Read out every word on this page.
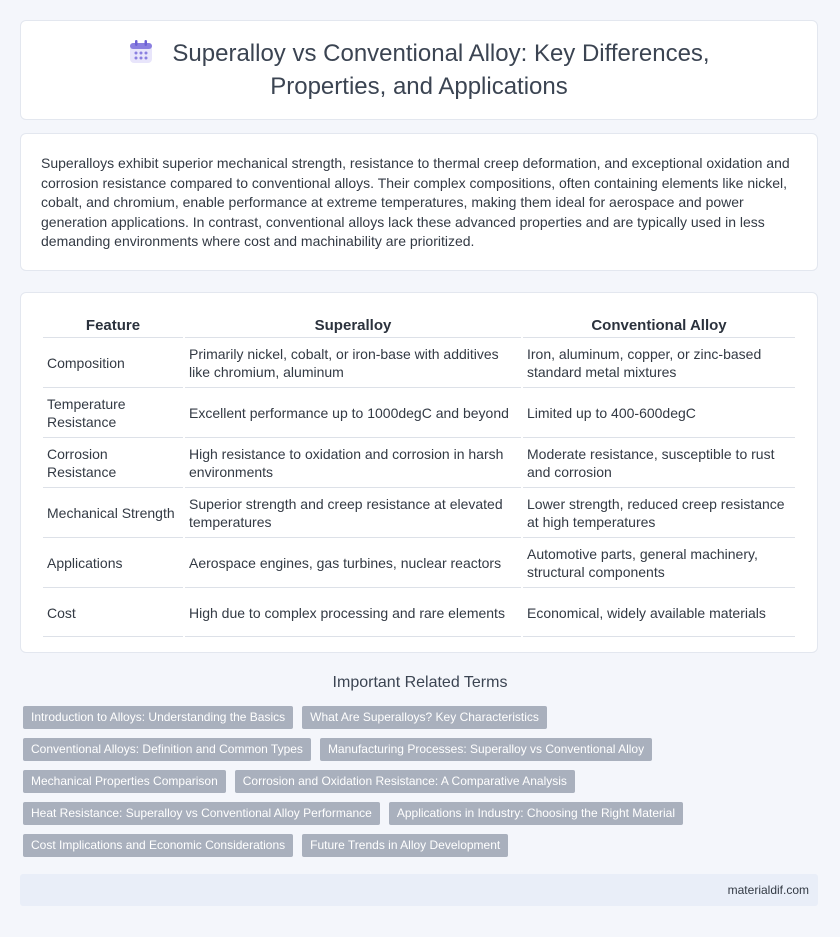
Superalloy vs Conventional Alloy: Key Differences, Properties, and Applications

Superalloys exhibit superior mechanical strength, resistance to thermal creep deformation, and exceptional oxidation and corrosion resistance compared to conventional alloys. Their complex compositions, often containing elements like nickel, cobalt, and chromium, enable performance at extreme temperatures, making them ideal for aerospace and power generation applications. In contrast, conventional alloys lack these advanced properties and are typically used in less demanding environments where cost and machinability are prioritized.

Feature	Superalloy	Conventional Alloy
Composition	Primarily nickel, cobalt, or iron-base with additives like chromium, aluminum	Iron, aluminum, copper, or zinc-based standard metal mixtures
Temperature Resistance	Excellent performance up to 1000degC and beyond	Limited up to 400-600degC
Corrosion Resistance	High resistance to oxidation and corrosion in harsh environments	Moderate resistance, susceptible to rust and corrosion
Mechanical Strength	Superior strength and creep resistance at elevated temperatures	Lower strength, reduced creep resistance at high temperatures
Applications	Aerospace engines, gas turbines, nuclear reactors	Automotive parts, general machinery, structural components
Cost	High due to complex processing and rare elements	Economical, widely available materials
Important Related Terms
Introduction to Alloys: Understanding the Basics	What Are Superalloys? Key Characteristics
Conventional Alloys: Definition and Common Types	Manufacturing Processes: Superalloy vs Conventional Alloy
Mechanical Properties Comparison	Corrosion and Oxidation Resistance: A Comparative Analysis
Heat Resistance: Superalloy vs Conventional Alloy Performance	Applications in Industry: Choosing the Right Material
Cost Implications and Economic Considerations	Future Trends in Alloy Development
materialdif.com
